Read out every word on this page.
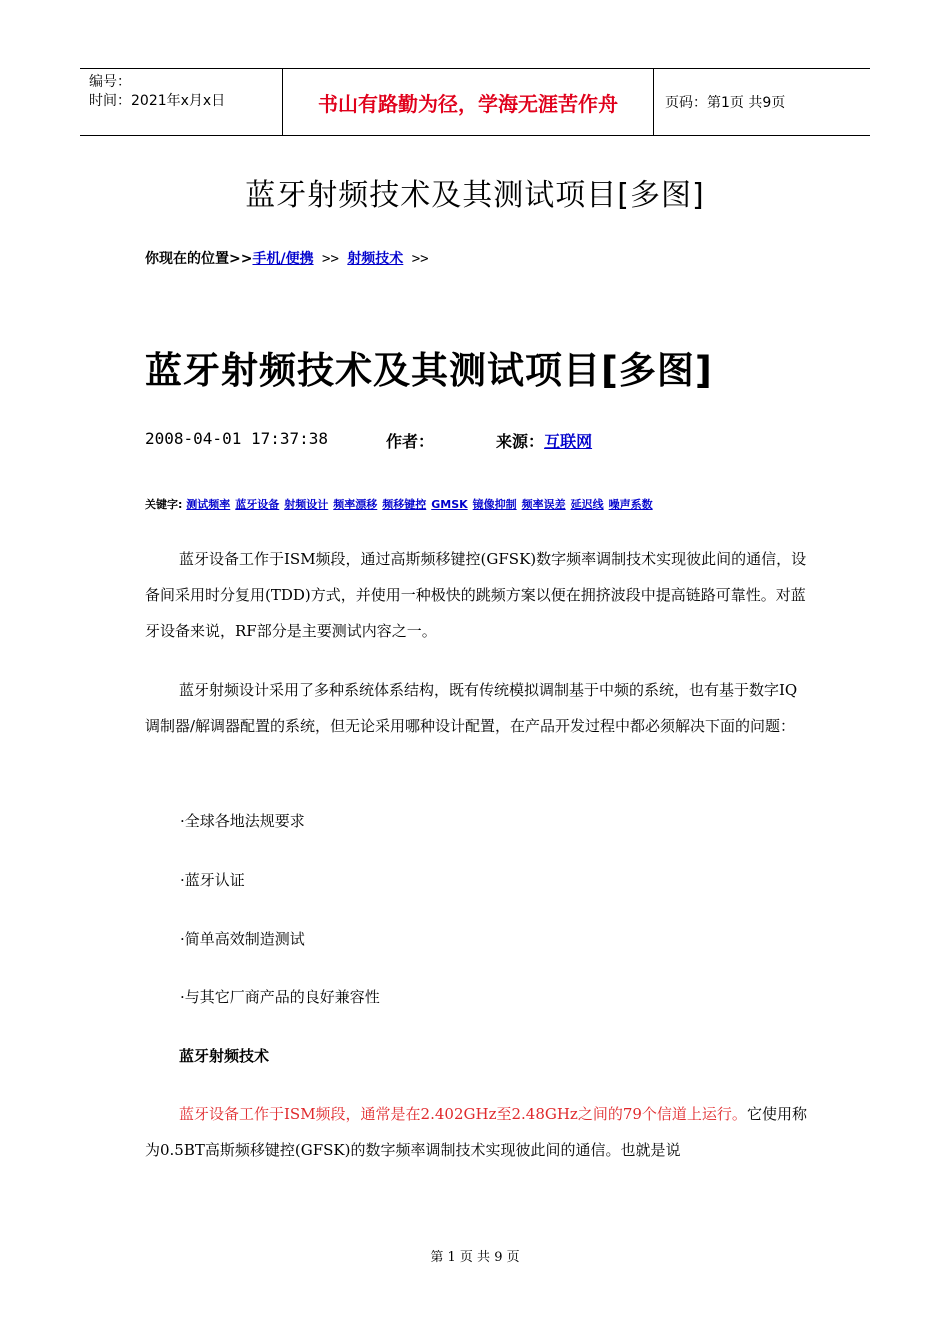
编号：
时间：2021年x月x日	书山有路勤为径，学海无涯苦作舟	页码：第1页 共9页
蓝牙射频技术及其测试项目[多图]
你现在的位置>>手机/便携 >> 射频技术 >>
蓝牙射频技术及其测试项目[多图]
2008-04-01 17:37:38	作者：	来源： 互联网
关键字: 测试频率 蓝牙设备 射频设计 频率漂移 频移键控 GMSK 镜像抑制 频率误差 延迟线 噪声系数
蓝牙设备工作于ISM频段，通过高斯频移键控(GFSK)数字频率调制技术实现彼此间的通信，设备间采用时分复用(TDD)方式，并使用一种极快的跳频方案以便在拥挤波段中提高链路可靠性。对蓝牙设备来说，RF部分是主要测试内容之一。
蓝牙射频设计采用了多种系统体系结构，既有传统模拟调制基于中频的系统，也有基于数字IQ调制器/解调器配置的系统，但无论采用哪种设计配置，在产品开发过程中都必须解决下面的问题：
·全球各地法规要求
·蓝牙认证
·简单高效制造测试
·与其它厂商产品的良好兼容性
蓝牙射频技术
蓝牙设备工作于ISM频段，通常是在2.402GHz至2.48GHz之间的79个信道上运行。它使用称为0.5BT高斯频移键控(GFSK)的数字频率调制技术实现彼此间的通信。也就是说
第 1 页 共 9 页
